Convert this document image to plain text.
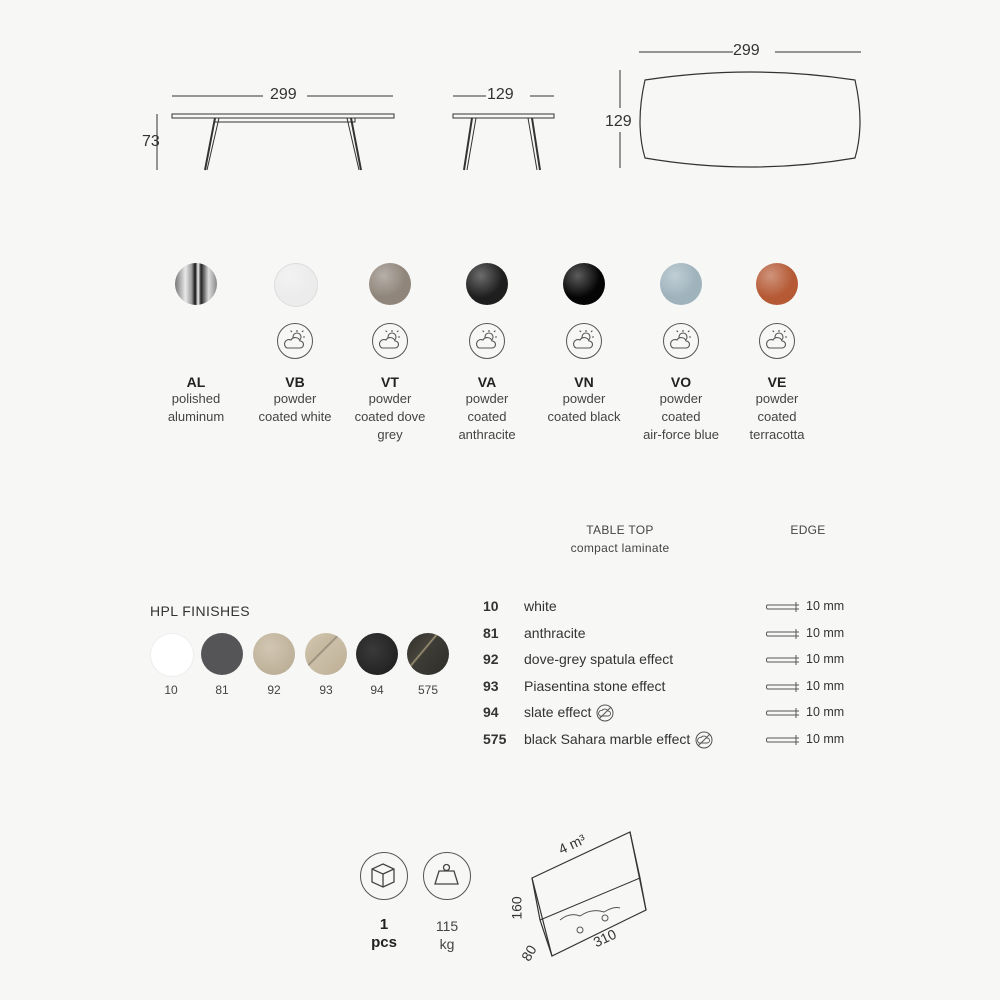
299
73
129
299
129
AL
polished
aluminum
VB
powder
coated white
VT
powder
coated dove
grey
VA
powder
coated
anthracite
VN
powder
coated black
VO
powder
coated
air-force blue
VE
powder
coated
terracotta
TABLE TOP
compact laminate
EDGE
HPL FINISHES
10	81	92	93	94	575
10 white	10 mm
81 anthracite	10 mm
92 dove-grey spatula effect	10 mm
93 Piasentina stone effect	10 mm
94 slate effect	10 mm
575 black Sahara marble effect	10 mm
1
pcs
115
kg
4 m³
160
80
310
